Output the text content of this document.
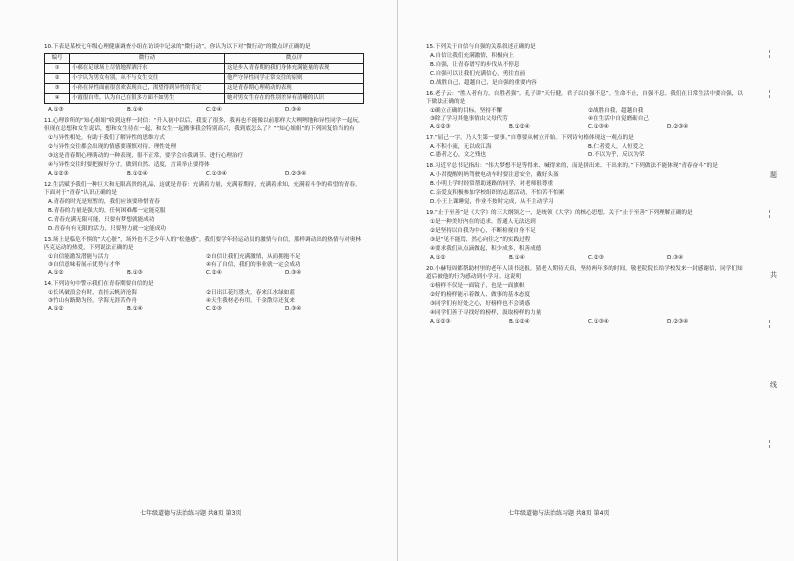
10.下表是某校七年级心理健康调查小组在访谈中记录的“微行动”，你认为以下对“微行动”的微点评正确的是

编号	微行动	微点评
①	小郝在足球场上尽情地挥洒汗水	这是步入青春期的我们身体充满能量的表现
②	小宇认为男女有别，从不与女生交往	他严守异性同学正常交往的原则
③	小孙在异性面前很喜欢表现自己，渴望得到异性的肯定	这是青春期心理萌动的表现
④	小霞很自卑，认为自己在很多方面不如男生	她对男女生存在的性别差异有清晰的认识
A.①③	B.①④	C.②④	D.③④

11.心理诊所的“知心姐姐”收到这样一封信：“升入初中以后，我变了很多，我再也不能像以前那样大大咧咧地和异性同学一起玩，但现在总想和女生说话，想和女生待在一起，和女生一起搬事我会特别高兴，我到底怎么了？”“知心姐姐”的下列回复恰当的有

①与异性相处，有助于我们了解异性的思维方式

②与异性交往都会出现的情感要谨慎对待、理性处理

③这是青春期心理萌动的一种表现，很不正常，要学会自我调节、进行心理治疗

④与异性交往时要把握好分寸，做到自然、适度，言谈举止要得体

A.①②③	B.①②④	C.①③④	D.②③④

12.生活赋予我们一种巨大和无限高贵的礼品，这就是青春：充满着力量，充满着期待，充满着求知，充满着斗争的希望的青春。下面对于“青春”认识正确的是

A.青春的时光是短暂的，我们应该要珍惜青春

B.青春的力量是强大的，任何困难都一定能克服

C.青春充满无限可能，只要有梦想就能成功

D.青春有有无限的活力，只要努力就一定能成功

13.场上是临危不惧的“大心脏”，场外也不乏少年人的“松弛感”。我们要学年轻运动员的激情与自信，那样调动出的热情与对奥林匹克运动的热爱，下列说法正确的是

①自信能激发潜能与活力	②自信让我们充满激情，从而拥抱不足
③自信意味着展示优势与才华	④有了自信，我们的事业就一定会成功
A.①②	B.①③	C.②④	D.③④

14.下列诗句中警示我们在青春期要自信的是

①长风破浪会有时，直挂云帆济沧海	②日出江花红胜火，春来江水绿如蓝
③竹山有路勤为径，学海无涯苦作舟	④天生我材必有用，千金散尽还复来
A.①②	B.①④	C.②③	D.③④
七年级道德与法治练习题 共8页 第3页

15.下列关于自信与自强的关系叙述正确的是

A.自信让我们充满激情，积极向上

B.自强，让青春谱写的步伐从不停息

C.自强可以让我们充满信心，勇往直前

D.战胜自己，超越自己，是自强的重要内容

16.老子云：“胜人者有力，自胜者强”。孔子讲“天行健，君子以自强不息”。生命不止，自强不息。我们在日常生活中要自强，以下做法正确的是

①确立正确的目标，坚持不懈	②战胜自我，超越自我
③除了学习其他事情由父母代劳	④在生活中自觉磨砺自己
A.①②③	B.①②④	C.①③④	D.②③④

17.“屈己一字，乃人生第一要事。”自尊要从树立开始。下列诗句格体现这一观点的是

A.不积小流，无以成江海	B.仁者爱人，人恒爱之
C.愚者之心，文之残也	D.不以为乎，反以为荣

18.习近平总书记指出：“伟大梦想不是等得来、喊得来的，而是拼出来、干出来的。”下列做法不能体现“青春奋斗”的是

A.小君提醒妈妈驾驶电动车时要注意安全，戴好头盔

B.小明上学时经常帮助迷路的同学，对老师很尊重

C.亲爱友积极参加学校组织的志愿活动，不怕苦不怕累

D.小王上课睡觉，作业不按时完成，从不主动学习

19.“止于至善”是《大学》的三大纲领之一，是统领《大学》的核心思想。关于“止于至善”下列理解正确的是

①是一种美好内在的追求，普通人无法达到

②是坚持以自我为中心，不断检视自身不足

③是“见不能焉，然心向往之”的实践过程

④要求我们从点滴做起，积少成多，积善成德

A.①②	B.①④	C.②③	D.③④

20.小赫每周都帮助村里的老年人读书送报。猜老人期待天真，坚持两年多的时间，敬老院院长给学校发来一封感谢信，同学们知道后被他的行为感动到小学习。这说明

①榜样不仅是一面镜子，也是一面旗帜

②好的榜样能示着做人、做事的基本态度

③同学们有好处之心，好榜样也不会诱惑

④同学们善于寻找好的榜样，汲取榜样的力量

A.①②③	B.①②④	C.①③④	D.②③④
七年级道德与法治练习题 共8页 第4页
题
共
线
